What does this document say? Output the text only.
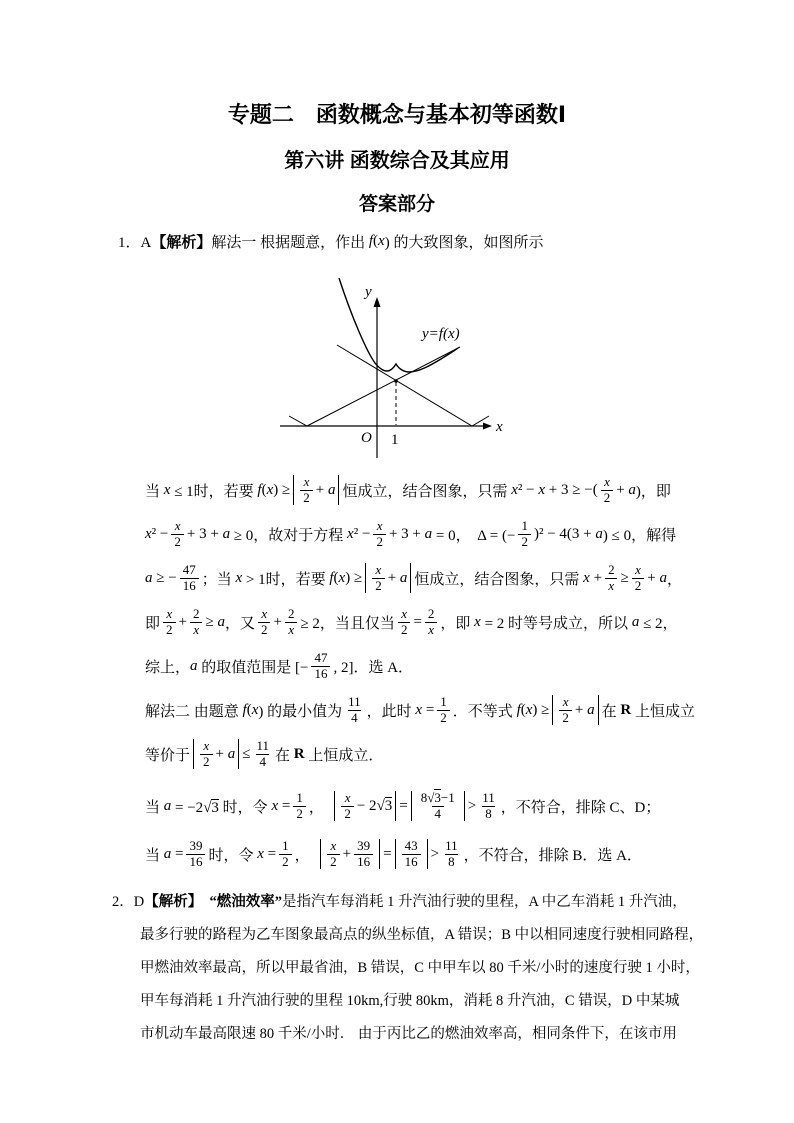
专题二　函数概念与基本初等函数Ⅰ
第六讲 函数综合及其应用
答案部分
1．A 【解析】 解法一 根据题意，作出 f ( x ) 的大致图象，如图所示
y
x
O 1
y=f(x)
当 x ≤ 1时，若要 f ( x ) ≥ $\frac{x}{2} + a$ 恒成立，结合图象，只需 x ² − x + 3 ≥ −( $\frac{x}{2} + a$ )，即
x $^2 - \frac{x}{2} + 3 + a \ge 0$，故对于方程 x $^2 - \frac{x}{2} + 3 + a = 0$，  Δ = (− $\frac{1}{2} )^2 - 4(3 + a$ ) ≤ 0，解得
a ≥ − $\frac{47}{16}$ ；当 x > 1时，若要 f ( x ) ≥ $\frac{x}{2} + a$ 恒成立，结合图象，只需 $x + \frac{2}{x} \ge \frac{x}{2} + a$ ，
即 $\frac{x}{2} + \frac{2}{x} \ge a$ ，又 $\frac{x}{2} + \frac{2}{x} \ge 2$，当且仅当 $\frac{x}{2} = \frac{2}{x}$ ，即 x = 2 时等号成立，所以 a ≤ 2，
综上， a 的取值范围是 [− $\frac{47}{16}$ , 2]．选 A．
解法二 由题意 f ( x ) 的最小值为 $\frac{11}{4}$ ，此时 $x = \frac{1}{2}$ ．不等式 f ( x ) ≥ $\frac{x}{2} + a$ 在 R 上恒成立
等价于 $\frac{x}{2} + a \le \frac{11}{4}$ 在 R 上恒成立．
当 a = −2√3 时，令 $x = \frac{1}{2}$ ， $\frac{x}{2} - 2√3 = \frac{8√3-1}{4} > \frac{11}{8}$ ，不符合，排除 C、D；
当 $a = \frac{39}{16}$ 时，令 $x = \frac{1}{2}$ ， $\frac{x}{2} + \frac{39}{16} = \frac{43}{16} > \frac{11}{8}$ ，不符合，排除 B．选 A．
2．D【解析】　 “燃油效率”是指汽车每消耗 1 升汽油行驶的里程，A 中乙车消耗 1 升汽油，
最多行驶的路程为乙车图象最高点的纵坐标值，A 错误；B 中以相同速度行驶相同路程，
甲燃油效率最高，所以甲最省油，B 错误，C 中甲车以 80 千米/小时的速度行驶 1 小时，
甲车每消耗 1 升汽油行驶的里程 10km,行驶 80km，消耗 8 升汽油，C 错误，D 中某城
市机动车最高限速 80 千米/小时． 由于丙比乙的燃油效率高，相同条件下，在该市用
